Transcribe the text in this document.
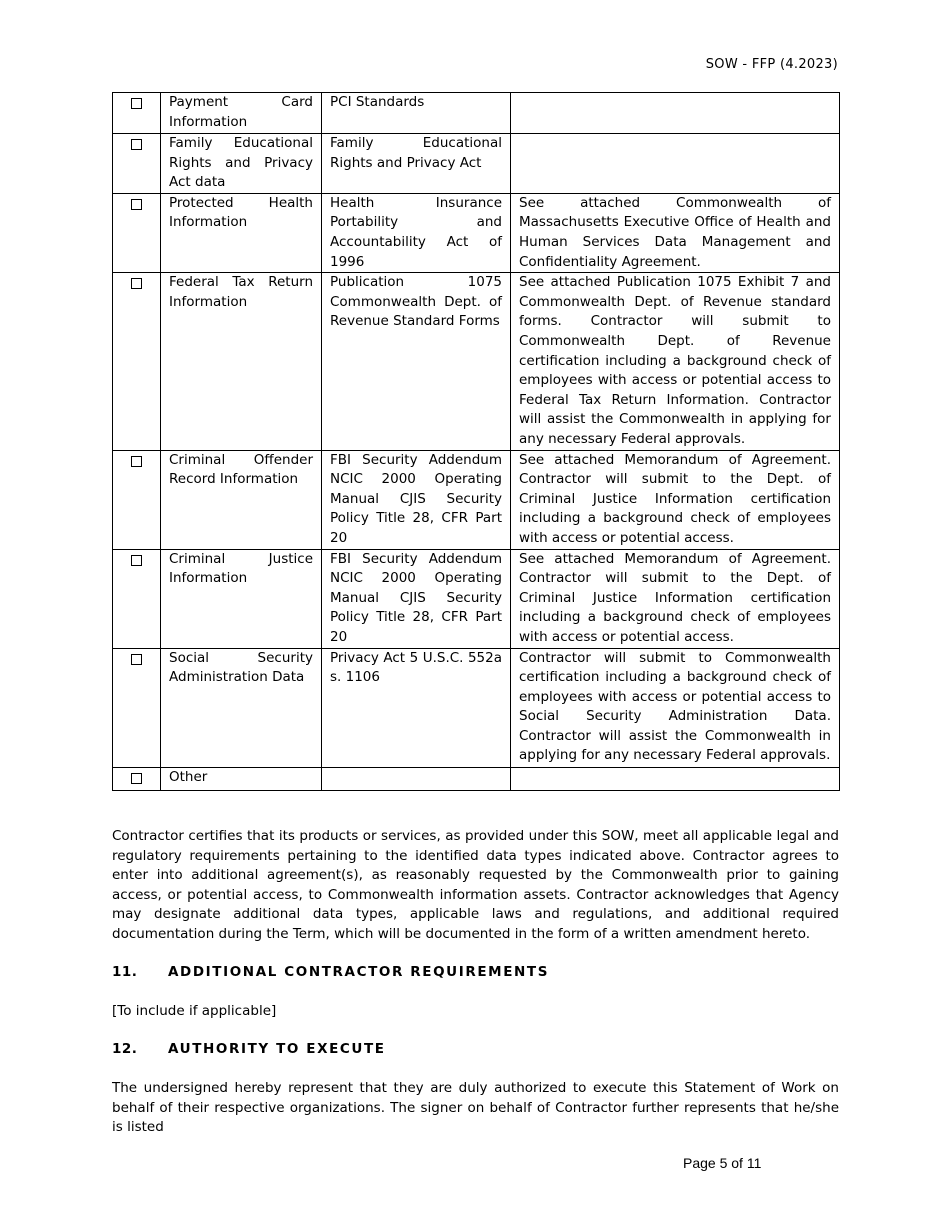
SOW - FFP (4.2023)
	Payment Card Information	PCI Standards	
	Family Educational Rights and Privacy Act data	Family Educational Rights and Privacy Act	
	Protected Health Information	Health Insurance Portability and Accountability Act of 1996	See attached Commonwealth of Massachusetts Executive Office of Health and Human Services Data Management and Confidentiality Agreement.
	Federal Tax Return Information	Publication 1075 Commonwealth Dept. of Revenue Standard Forms	See attached Publication 1075 Exhibit 7 and Commonwealth Dept. of Revenue standard forms. Contractor will submit to Commonwealth Dept. of Revenue certification including a background check of employees with access or potential access to Federal Tax Return Information. Contractor will assist the Commonwealth in applying for any necessary Federal approvals.
	Criminal Offender Record Information	FBI Security Addendum NCIC 2000 Operating Manual CJIS Security Policy Title 28, CFR Part 20	See attached Memorandum of Agreement. Contractor will submit to the Dept. of Criminal Justice Information certification including a background check of employees with access or potential access.
	Criminal Justice Information	FBI Security Addendum NCIC 2000 Operating Manual CJIS Security Policy Title 28, CFR Part 20	See attached Memorandum of Agreement. Contractor will submit to the Dept. of Criminal Justice Information certification including a background check of employees with access or potential access.
	Social Security Administration Data	Privacy Act 5 U.S.C. 552a s. 1106	Contractor will submit to Commonwealth certification including a background check of employees with access or potential access to Social Security Administration Data. Contractor will assist the Commonwealth in applying for any necessary Federal approvals.
	Other		

Contractor certifies that its products or services, as provided under this SOW, meet all applicable legal and regulatory requirements pertaining to the identified data types indicated above. Contractor agrees to enter into additional agreement(s), as reasonably requested by the Commonwealth prior to gaining access, or potential access, to Commonwealth information assets. Contractor acknowledges that Agency may designate additional data types, applicable laws and regulations, and additional required documentation during the Term, which will be documented in the form of a written amendment hereto.

11. ADDITIONAL CONTRACTOR REQUIREMENTS

[To include if applicable]

12. AUTHORITY TO EXECUTE

The undersigned hereby represent that they are duly authorized to execute this Statement of Work on behalf of their respective organizations. The signer on behalf of Contractor further represents that he/she is listed

Page 5 of 11
